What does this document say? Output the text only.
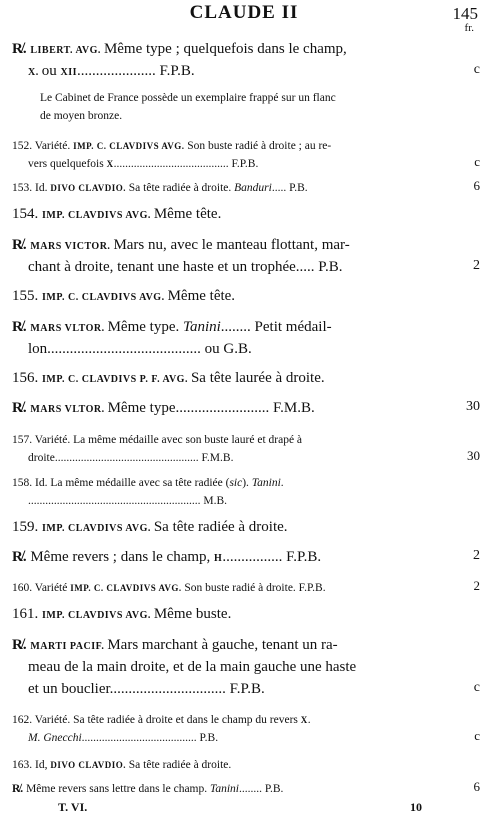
CLAUDE II	145
fr.
R̸. LIBERT. AVG. Même type ; quelquefois dans le champ,
X. ou XII..................... F.P.B.	c
Le Cabinet de France possède un exemplaire frappé sur un flanc
de moyen bronze.
152. Variété. IMP. C. CLAVDIVS AVG. Son buste radié à droite ; au re-
vers quelquefois X........................................ F.P.B.	c
153. Id. DIVO CLAVDIO. Sa tête radiée à droite. Banduri..... P.B.	6
154. IMP. CLAVDIVS AVG. Même tête.
R̸. MARS VICTOR. Mars nu, avec le manteau flottant, mar-
chant à droite, tenant une haste et un trophée..... P.B.	2
155. IMP. C. CLAVDIVS AVG. Même tête.
R̸. MARS VLTOR. Même type. Tanini........ Petit médail-
lon......................................... ou G.B.
156. IMP. C. CLAVDIVS P. F. AVG. Sa tête laurée à droite.
R̸. MARS VLTOR. Même type......................... F.M.B.	30
157. Variété. La même médaille avec son buste lauré et drapé à
droite.................................................. F.M.B.	30
158. Id. La même médaille avec sa tête radiée (sic). Tanini.
............................................................ M.B.
159. IMP. CLAVDIVS AVG. Sa tête radiée à droite.
R̸. Même revers ; dans le champ, H................ F.P.B.	2
160. Variété IMP. C. CLAVDIVS AVG. Son buste radié à droite. F.P.B.	2
161. IMP. CLAVDIVS AVG. Même buste.
R̸. MARTI PACIF. Mars marchant à gauche, tenant un ra-
meau de la main droite, et de la main gauche une haste
et un bouclier............................... F.P.B.	c
162. Variété. Sa tête radiée à droite et dans le champ du revers X.
M. Gnecchi........................................ P.B.	c
163. Id, DIVO CLAVDIO. Sa tête radiée à droite.
R̸. Même revers sans lettre dans le champ. Tanini........ P.B.	6
T. VI.	10
